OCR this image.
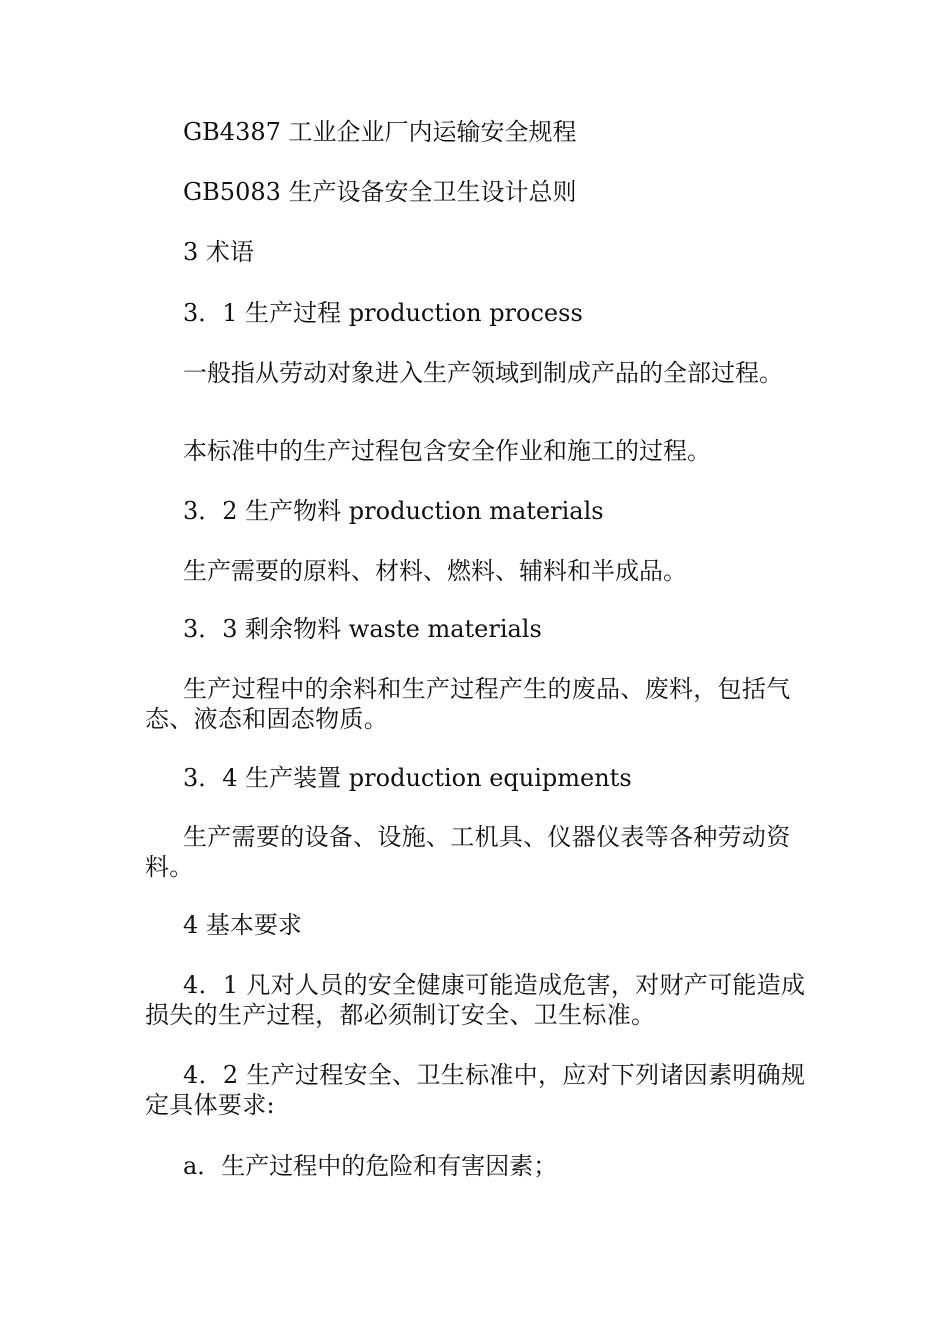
GB4387 工业企业厂内运输安全规程

GB5083 生产设备安全卫生设计总则

3 术语

3．1 生产过程 production process

一般指从劳动对象进入生产领域到制成产品的全部过程。

本标准中的生产过程包含安全作业和施工的过程。

3．2 生产物料 production materials

生产需要的原料、材料、燃料、辅料和半成品。

3．3 剩余物料 waste materials

生产过程中的余料和生产过程产生的废品、废料，包括气态、液态和固态物质。

3．4 生产装置 production equipments

生产需要的设备、设施、工机具、仪器仪表等各种劳动资料。

4 基本要求

4．1 凡对人员的安全健康可能造成危害，对财产可能造成损失的生产过程，都必须制订安全、卫生标准。

4．2 生产过程安全、卫生标准中，应对下列诸因素明确规定具体要求:

a．生产过程中的危险和有害因素；
